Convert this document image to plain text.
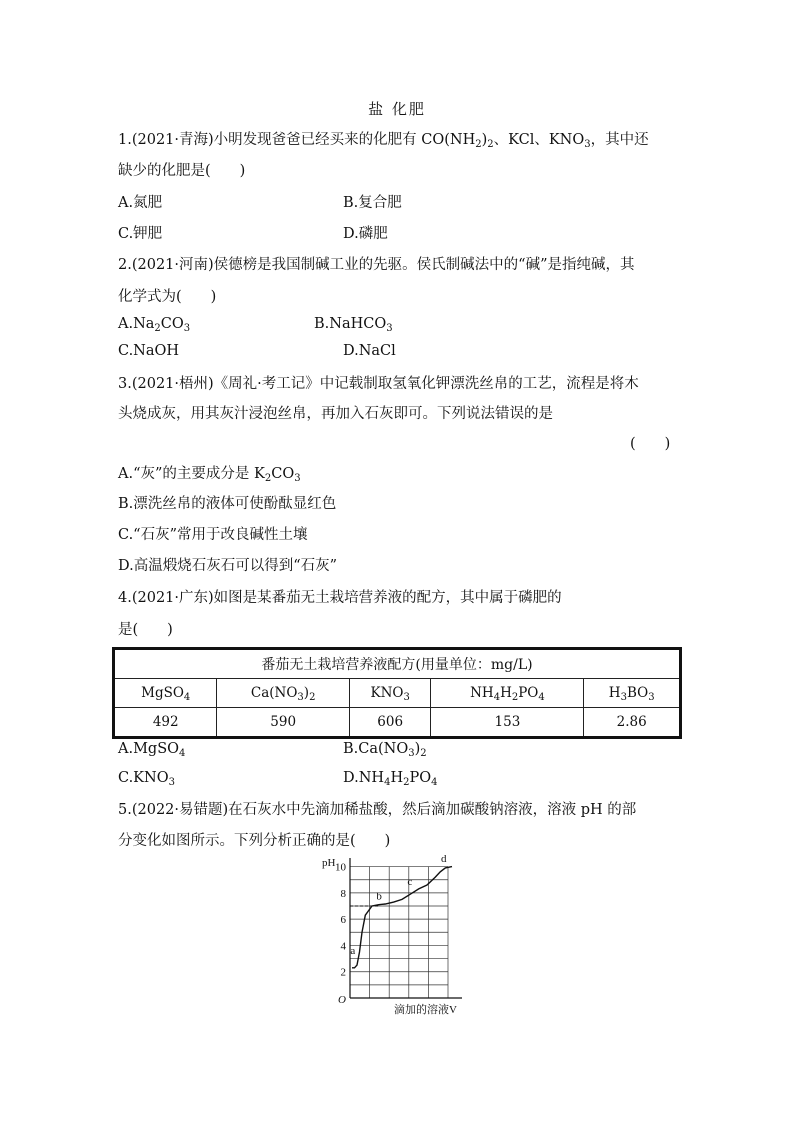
盐 化肥
1.(2021·青海)小明发现爸爸已经买来的化肥有 $CO(NH_2)_2$、KCl、$KNO_3$，其中还
缺少的化肥是(　　)
A.氮肥	B.复合肥
C.钾肥	D.磷肥
2.(2021·河南)侯德榜是我国制碱工业的先驱。侯氏制碱法中的“碱”是指纯碱，其
化学式为(　　)
$A.Na_2CO_3$	B.NaHCO$_3$
C.NaOH	D.NaCl
3.(2021·梧州)《周礼·考工记》中记载制取氢氧化钾漂洗丝帛的工艺，流程是将木
头烧成灰，用其灰汁浸泡丝帛，再加入石灰即可。下列说法错误的是
(　　)
A.“灰”的主要成分是 $K_2CO_3$
B.漂洗丝帛的液体可使酚酞显红色
C.“石灰”常用于改良碱性土壤
D.高温煅烧石灰石可以得到“石灰”
4.(2021·广东)如图是某番茄无土栽培营养液的配方，其中属于磷肥的
是(　　)
番茄无土栽培营养液配方(用量单位：mg/L)				
MgSO$_4$	$Ca(NO_3)_2$	$KNO_3$	$NH_4H_2PO_4$	$H_3BO_3$
492	590	606	153	2.86
A.MgSO$_4$	$B.Ca(NO_3)_2$
$C.KNO_3$	$D.NH_4H_2PO_4$
5.(2022·易错题)在石灰水中先滴加稀盐酸，然后滴加碳酸钠溶液，溶液 pH 的部
分变化如图所示。下列分析正确的是(　　)
2
4
6
8
10
a
b
c
d
pH
O
滴加的溶液V
